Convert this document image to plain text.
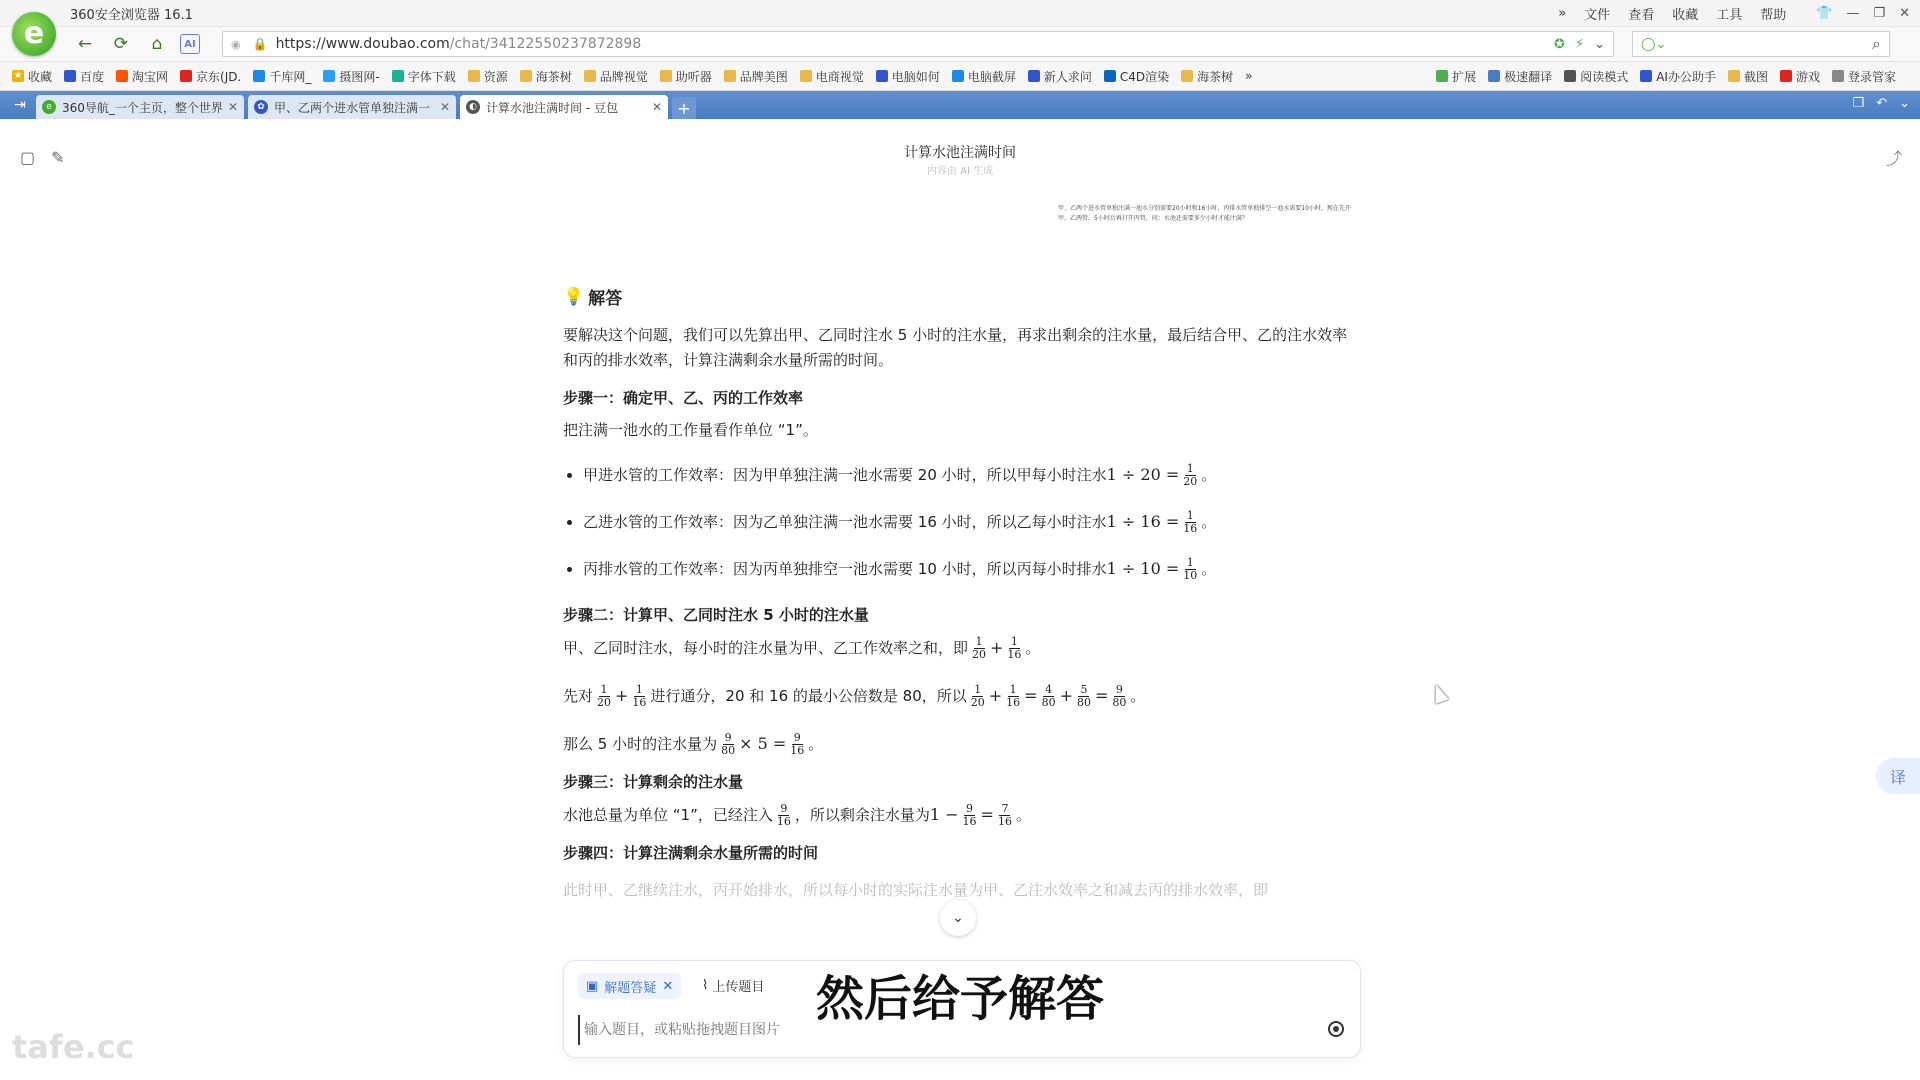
e
360安全浏览器 16.1	» 文件 查看 收藏 工具 帮助 👕 — ❐ ✕
←	⟳	⌂	AI	◉ 🔒 https://www.doubao.com /chat/34122550237872898	✪ ⚡ ⌄	◯⌄	⌕
★ 收藏 百度 淘宝网 京东(JD. 千库网_ 摄图网- 字体下载 资源 海茶树 品牌视觉 助听器 品牌美图 电商视觉 电脑如何 电脑截屏 新人求问 C4D渲染 海茶树 »	扩展 极速翻译 阅读模式 AI办公助手 截图 游戏 登录管家
⇥	e 360导航_一个主页，整个世界 ✕	✿ 甲、乙两个进水管单独注满一 ✕	◐ 计算水池注满时间 - 豆包	✕ +	❐ ↶ ⌄
▢ ✎	⤴
计算水池注满时间
内容由 AI 生成
甲、乙两个进水管单独注满一池水分别需要20小时和16小时，丙排水管单独排空一池水需要10小时，现在先开甲、乙两管，5小时后再打开丙管，问：水池还需要多少小时才能注满？
💡 解答

要解决这个问题，我们可以先算出甲、乙同时注水 5 小时的注水量，再求出剩余的注水量，最后结合甲、乙的注水效率和丙的排水效率，计算注满剩余水量所需的时间。

步骤一：确定甲、乙、丙的工作效率

把注满一池水的工作量看作单位 “1”。

• 甲进水管的工作效率：因为甲单独注满一池水需要 20 小时，所以甲每小时注水$1 \div 20 = \frac{1}{20}$ 。
• 乙进水管的工作效率：因为乙单独注满一池水需要 16 小时，所以乙每小时注水$1 \div 16 = \frac{1}{16}$ 。
• 丙排水管的工作效率：因为丙单独排空一池水需要 10 小时，所以丙每小时排水$1 \div 10 = \frac{1}{10}$ 。
步骤二：计算甲、乙同时注水 5 小时的注水量

甲、乙同时注水，每小时的注水量为甲、乙工作效率之和，即 $\frac{1}{20} + \frac{1}{16}$ 。

先对 $\frac{1}{20} + \frac{1}{16}$ 进行通分，20 和 16 的最小公倍数是 80，所以 $\frac{1}{20} + \frac{1}{16} = \frac{4}{80} + \frac{5}{80} = \frac{9}{80}$ 。

那么 5 小时的注水量为 $\frac{9}{80} \times 5 = \frac{9}{16}$ 。

步骤三：计算剩余的注水量

水池总量为单位 “1”，已经注入 $\frac{9}{16}$ ，所以剩余注水量为$1 - \frac{9}{16} = \frac{7}{16}$ 。

步骤四：计算注满剩余水量所需的时间
此时甲、乙继续注水，丙开始排水，所以每小时的实际注水量为甲、乙注水效率之和减去丙的排水效率，即
⌄
▣ 解题答疑 ✕ ⌇ 上传题目
输入题目，或粘贴拖拽题目图片
译
然后给予解答
tafe.cc
